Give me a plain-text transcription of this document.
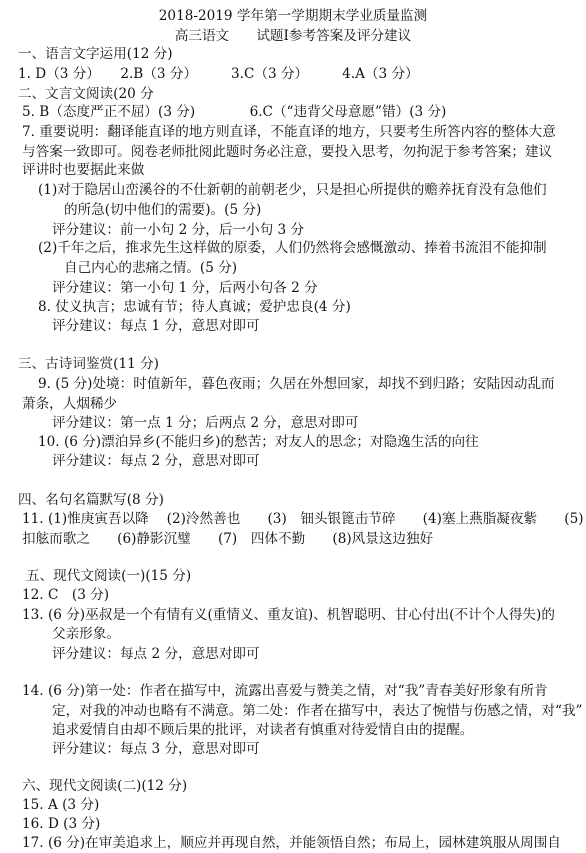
2018-2019 学年第一学期期末学业质量监测
高三语文　　试题Ⅰ参考答案及评分建议
一、语言文字运用(12 分)
1. D（3 分）　　2.B（3 分）　　　3.C（3 分）　　　4.A（3 分）
二、文言文阅读(20 分
5. B（态度严正不屈）(3 分)　　　　6.C（“违背父母意愿”错）(3 分)
7. 重要说明：翻译能直译的地方则直译，不能直译的地方，只要考生所答内容的整体大意
与答案一致即可。阅卷老师批阅此题时务必注意，要投入思考，勿拘泥于参考答案；建议
评讲时也要据此来做
(1)对于隐居山峦溪谷的不仕新朝的前朝老少，只是担心所提供的赡养抚育没有急他们
的所急(切中他们的需要)。(5 分)
评分建议：前一小句 2 分，后一小句 3 分
(2)千年之后，推求先生这样做的原委，人们仍然将会感慨激动、捧着书流泪不能抑制
自己内心的悲痛之情。(5 分)
评分建议：第一小句 1 分，后两小句各 2 分
8. 仗义执言；忠诚有节；待人真诚；爱护忠良(4 分)
评分建议：每点 1 分，意思对即可
三、古诗词鉴赏(11 分)
9. (5 分)处境：时值新年，暮色夜雨；久居在外想回家，却找不到归路；安陆因动乱而
萧条，人烟稀少
评分建议：第一点 1 分；后两点 2 分，意思对即可
10. (6 分)漂泊异乡(不能归乡)的愁苦；对友人的思念；对隐逸生活的向往
评分建议：每点 2 分，意思对即可
四、名句名篇默写(8 分)
11. (1)惟庚寅吾以降　 (2)泠然善也　　(3)　钿头银篦击节碎　　(4)塞上燕脂凝夜紫　　(5)
扣舷而歌之　　(6)静影沉璧　　(7)　四体不勤　　(8)风景这边独好
五、现代文阅读(一)(15 分)
12. C　(3 分)
13. (6 分)巫叔是一个有情有义(重情义、重友谊)、机智聪明、甘心付出(不计个人得失)的
父亲形象。
评分建议：每点 2 分，意思对即可
14. (6 分)第一处：作者在描写中，流露出喜爱与赞美之情，对“我”青春美好形象有所肯
定，对我的冲动也略有不满意。第二处：作者在描写中，表达了惋惜与伤感之情，对“我”
追求爱情自由却不顾后果的批评，对读者有慎重对待爱情自由的提醒。
评分建议：每点 3 分，意思对即可
六、现代文阅读(二)(12 分)
15. A (3 分)
16. D (3 分)
17. (6 分)在审美追求上，顺应并再现自然，并能领悟自然；布局上，园林建筑服从周围自
